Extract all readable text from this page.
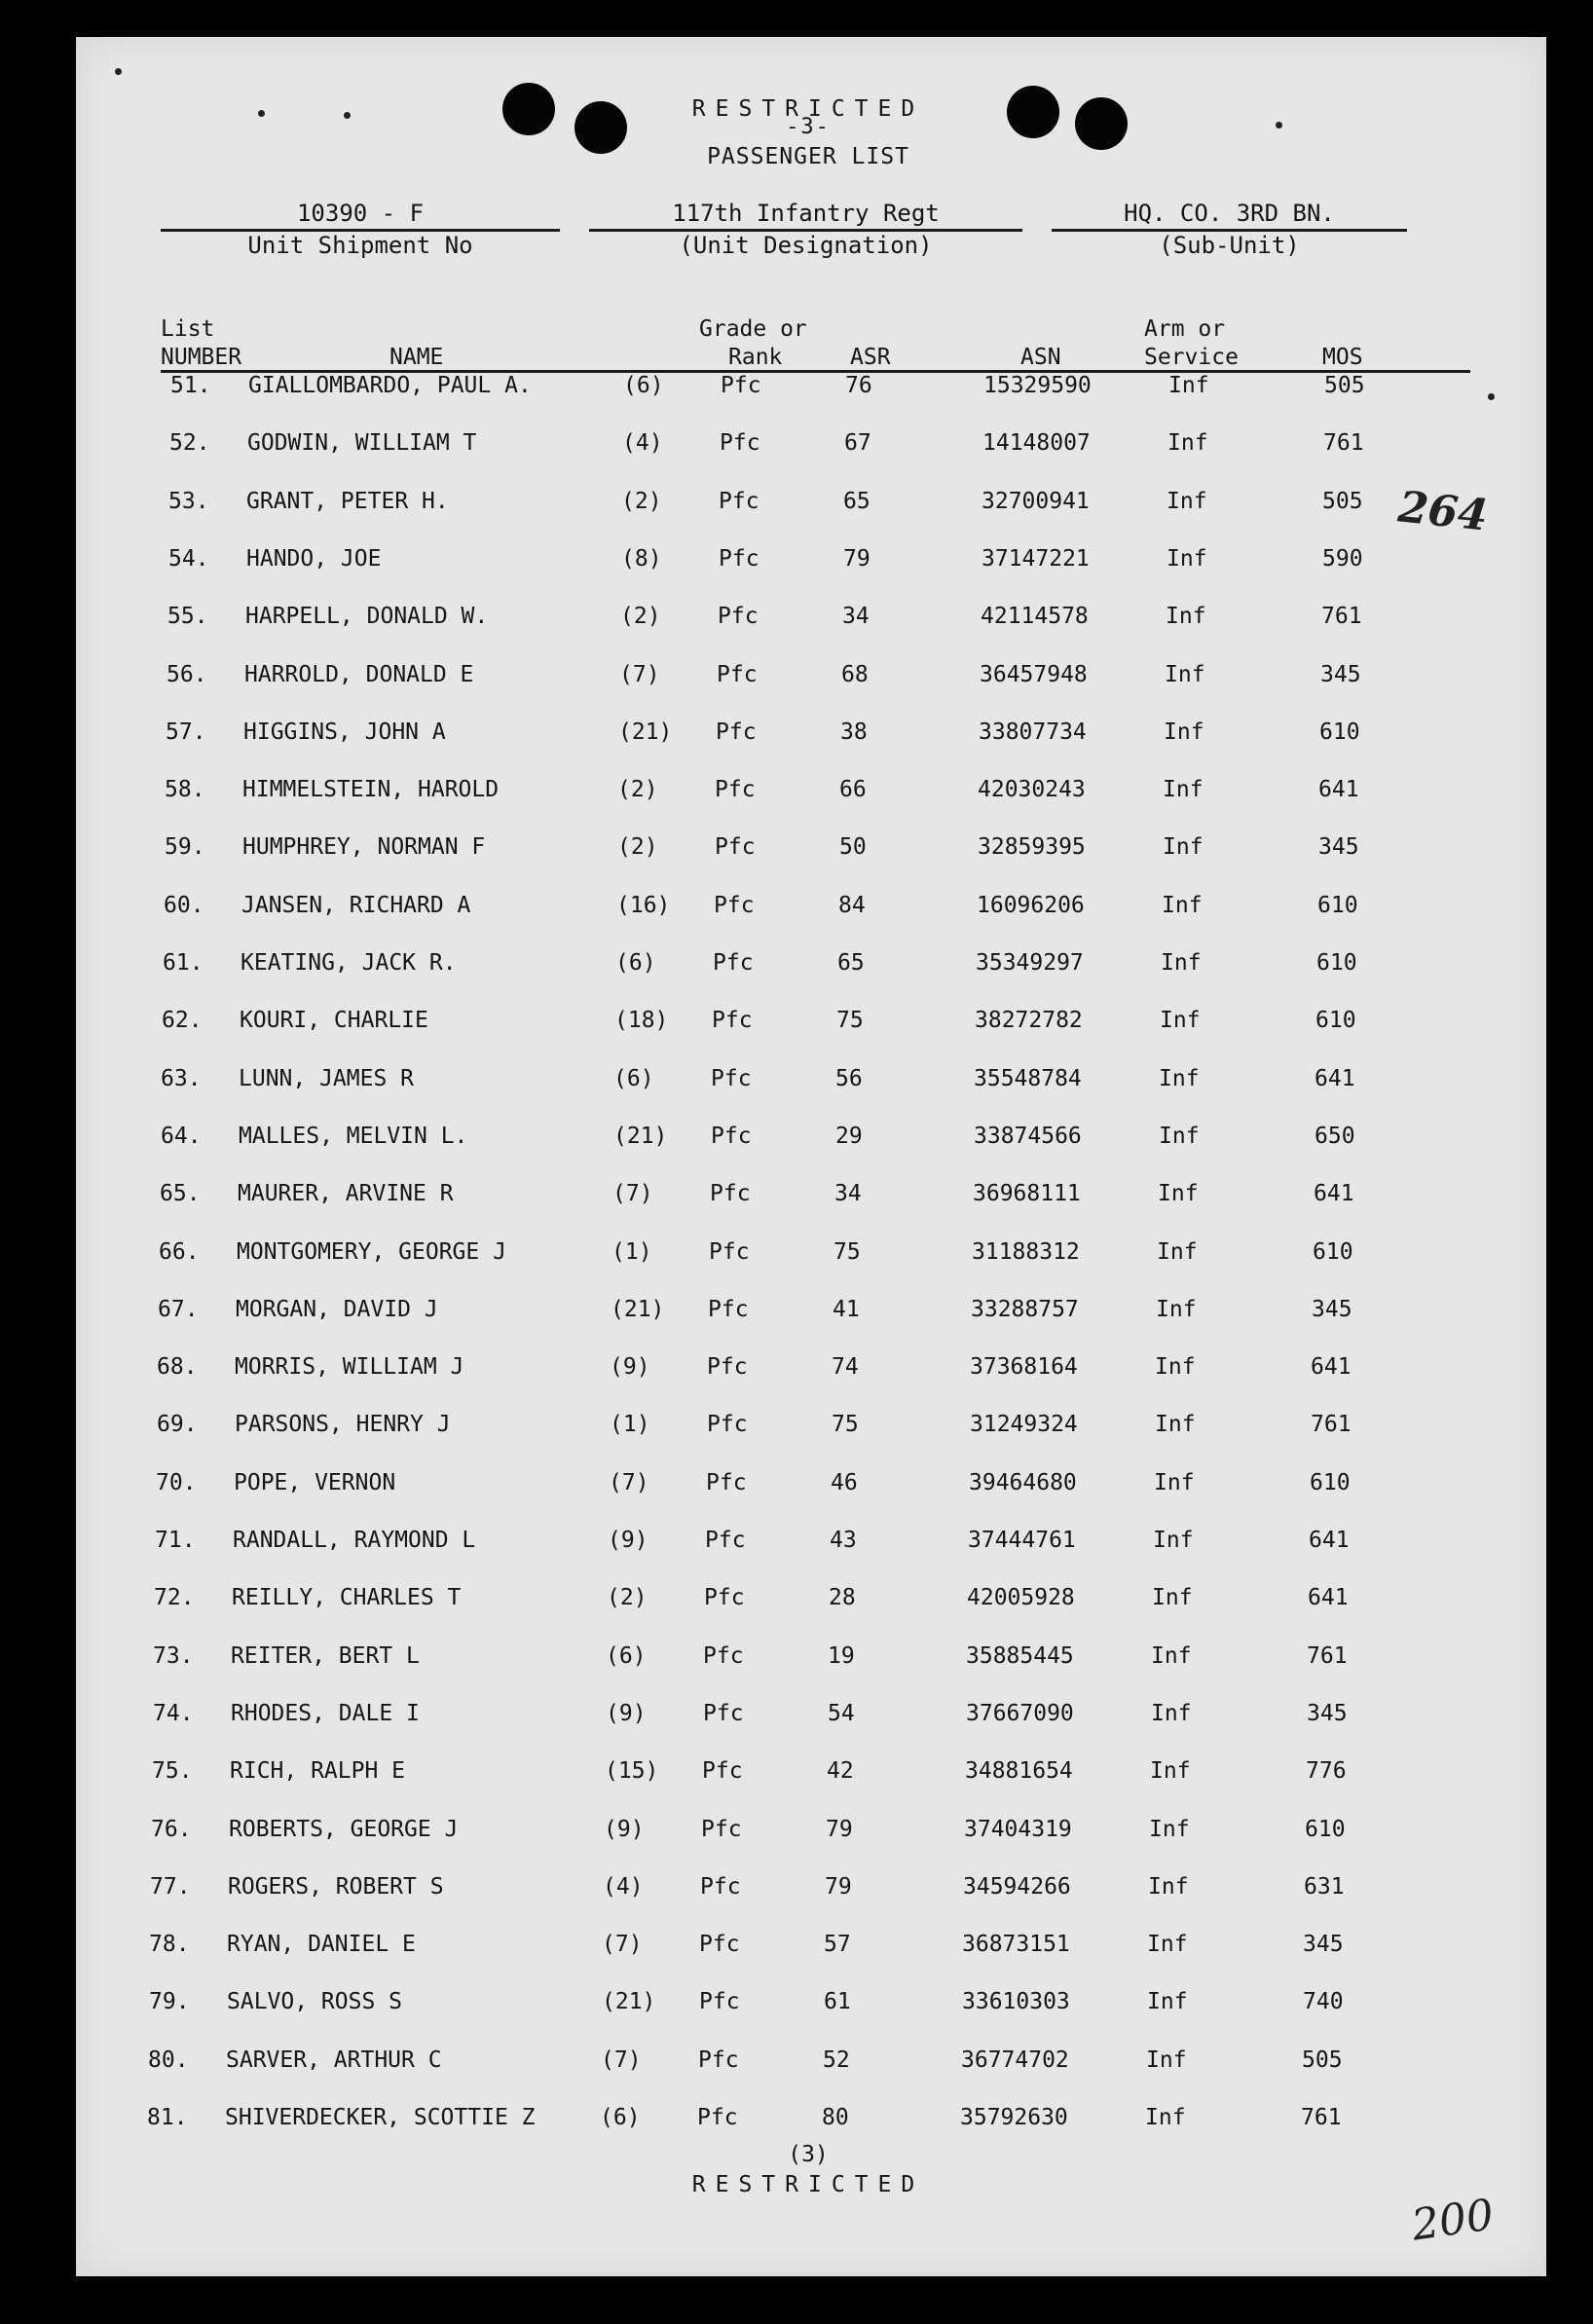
RESTRICTED
-3-
PASSENGER LIST
10390 - F
Unit Shipment No
117th Infantry Regt
(Unit Designation)
HQ. CO. 3RD BN.
(Sub-Unit)
List
NUMBER	NAME
Grade or
Rank	ASR	ASN
Arm or
Service	MOS
51. GIALLOMBARDO, PAUL A.	(6)	Pfc	76	15329590	Inf	505
52. GODWIN, WILLIAM T	(4)	Pfc	67	14148007	Inf	761
53. GRANT, PETER H.	(2)	Pfc	65	32700941	Inf	505
54. HANDO, JOE	(8)	Pfc	79	37147221	Inf	590
55. HARPELL, DONALD W.	(2)	Pfc	34	42114578	Inf	761
56. HARROLD, DONALD E	(7)	Pfc	68	36457948	Inf	345
57. HIGGINS, JOHN A	(21) Pfc	38	33807734	Inf	610
58. HIMMELSTEIN, HAROLD	(2)	Pfc	66	42030243	Inf	641
59. HUMPHREY, NORMAN F	(2)	Pfc	50	32859395	Inf	345
60. JANSEN, RICHARD A	(16) Pfc	84	16096206	Inf	610
61. KEATING, JACK R.	(6)	Pfc	65	35349297	Inf	610
62. KOURI, CHARLIE	(18) Pfc	75	38272782	Inf	610
63. LUNN, JAMES R	(6)	Pfc	56	35548784	Inf	641
64. MALLES, MELVIN L.	(21) Pfc	29	33874566	Inf	650
65. MAURER, ARVINE R	(7)	Pfc	34	36968111	Inf	641
66. MONTGOMERY, GEORGE J	(1)	Pfc	75	31188312	Inf	610
67. MORGAN, DAVID J	(21) Pfc	41	33288757	Inf	345
68. MORRIS, WILLIAM J	(9)	Pfc	74	37368164	Inf	641
69. PARSONS, HENRY J	(1)	Pfc	75	31249324	Inf	761
70. POPE, VERNON	(7)	Pfc	46	39464680	Inf	610
71. RANDALL, RAYMOND L	(9)	Pfc	43	37444761	Inf	641
72. REILLY, CHARLES T	(2)	Pfc	28	42005928	Inf	641
73. REITER, BERT L	(6)	Pfc	19	35885445	Inf	761
74. RHODES, DALE I	(9)	Pfc	54	37667090	Inf	345
75. RICH, RALPH E	(15) Pfc	42	34881654	Inf	776
76. ROBERTS, GEORGE J	(9)	Pfc	79	37404319	Inf	610
77. ROGERS, ROBERT S	(4)	Pfc	79	34594266	Inf	631
78. RYAN, DANIEL E	(7)	Pfc	57	36873151	Inf	345
79. SALVO, ROSS S	(21) Pfc	61	33610303	Inf	740
80. SARVER, ARTHUR C	(7)	Pfc	52	36774702	Inf	505
81. SHIVERDECKER, SCOTTIE Z	(6)	Pfc	80	35792630	Inf	761
(3)
RESTRICTED
264
200
